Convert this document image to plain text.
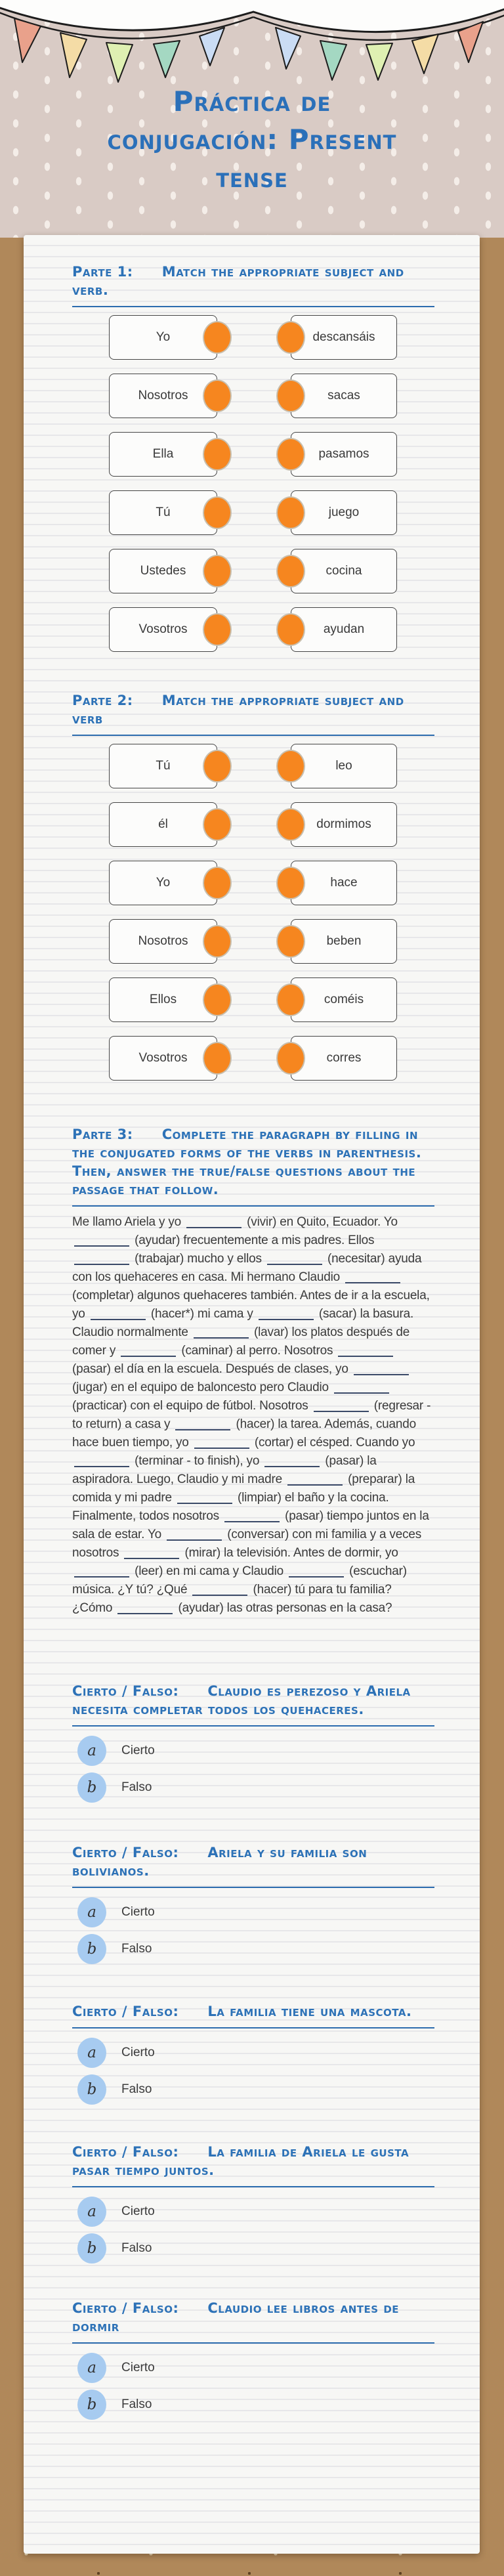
Práctica de
conjugación: Present
tense
Parte 1: Match the appropriate subject and verb.
Yo	descansáis
Nosotros	sacas
Ella	pasamos
Tú	juego
Ustedes	cocina
Vosotros	ayudan
Parte 2: Match the appropriate subject and verb
Tú	leo
él	dormimos
Yo	hace
Nosotros	beben
Ellos	coméis
Vosotros	corres
Parte 3: Complete the paragraph by filling in the conjugated forms of the verbs in parenthesis. Then, answer the true/false questions about the passage that follow.
Me llamo Ariela y yo	(vivir) en Quito, Ecuador. Yo  (ayudar) frecuentemente a mis padres. Ellos  (trabajar) mucho y ellos	(necesitar) ayuda con los quehaceres en casa. Mi hermano Claudio  (completar) algunos quehaceres también. Antes de ir a la escuela, yo	(hacer*) mi cama y	(sacar) la basura. Claudio normalmente	(lavar) los platos después de comer y	(caminar) al perro. Nosotros  (pasar) el día en la escuela. Después de clases, yo  (jugar) en el equipo de baloncesto pero Claudio  (practicar) con el equipo de fútbol. Nosotros	(regresar - to return) a casa y	(hacer) la tarea. Además, cuando hace buen tiempo, yo	(cortar) el césped. Cuando yo  (terminar - to finish), yo	(pasar) la aspiradora. Luego, Claudio y mi madre	(preparar) la comida y mi padre	(limpiar) el baño y la cocina. Finalmente, todos nosotros	(pasar) tiempo juntos en la sala de estar. Yo	(conversar) con mi familia y a veces nosotros	(mirar) la televisión. Antes de dormir, yo  (leer) en mi cama y Claudio	(escuchar) música. ¿Y tú? ¿Qué	(hacer) tú para tu familia? ¿Cómo	(ayudar) las otras personas en la casa?
Cierto / Falso: Claudio es perezoso y Ariela necesita completar todos los quehaceres.
a	Cierto
b	Falso
Cierto / Falso: Ariela y su familia son bolivianos.
a	Cierto
b	Falso
Cierto / Falso: La familia tiene una mascota.
a	Cierto
b	Falso
Cierto / Falso: La familia de Ariela le gusta pasar tiempo juntos.
a	Cierto
b	Falso
Cierto / Falso: Claudio lee libros antes de dormir
a	Cierto
b	Falso
